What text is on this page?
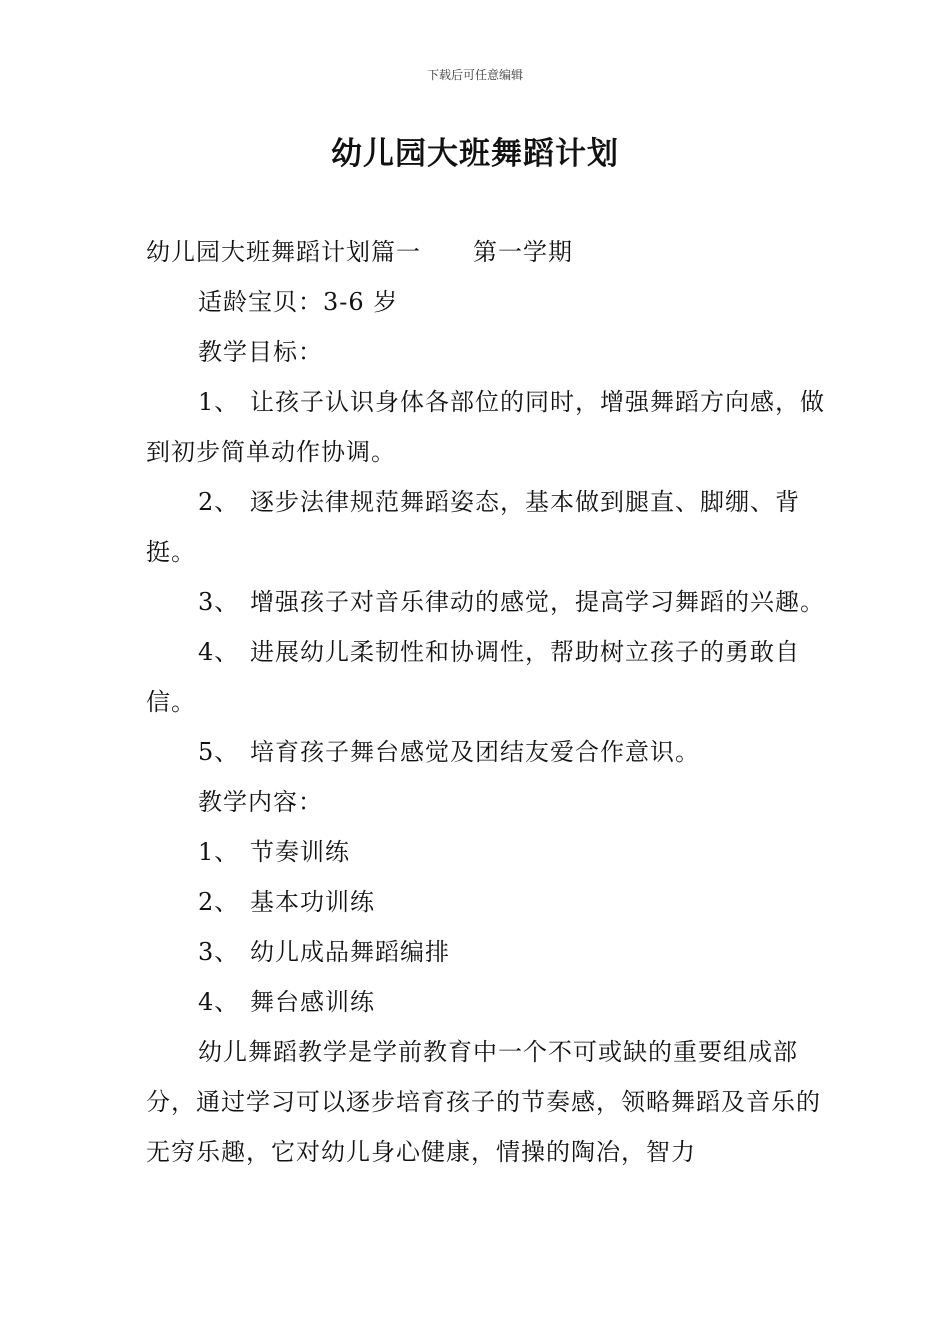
下载后可任意编辑
幼儿园大班舞蹈计划

幼儿园大班舞蹈计划篇一 第一学期

适龄宝贝：3-6 岁

教学目标：

1、 让孩子认识身体各部位的同时，增强舞蹈方向感，做到初步简单动作协调。

2、 逐步法律规范舞蹈姿态，基本做到腿直、脚绷、背挺。

3、 增强孩子对音乐律动的感觉，提高学习舞蹈的兴趣。

4、 进展幼儿柔韧性和协调性，帮助树立孩子的勇敢自信。

5、 培育孩子舞台感觉及团结友爱合作意识。

教学内容：

1、 节奏训练

2、 基本功训练

3、 幼儿成品舞蹈编排

4、 舞台感训练

幼儿舞蹈教学是学前教育中一个不可或缺的重要组成部分，通过学习可以逐步培育孩子的节奏感，领略舞蹈及音乐的无穷乐趣，它对幼儿身心健康，情操的陶冶，智力
